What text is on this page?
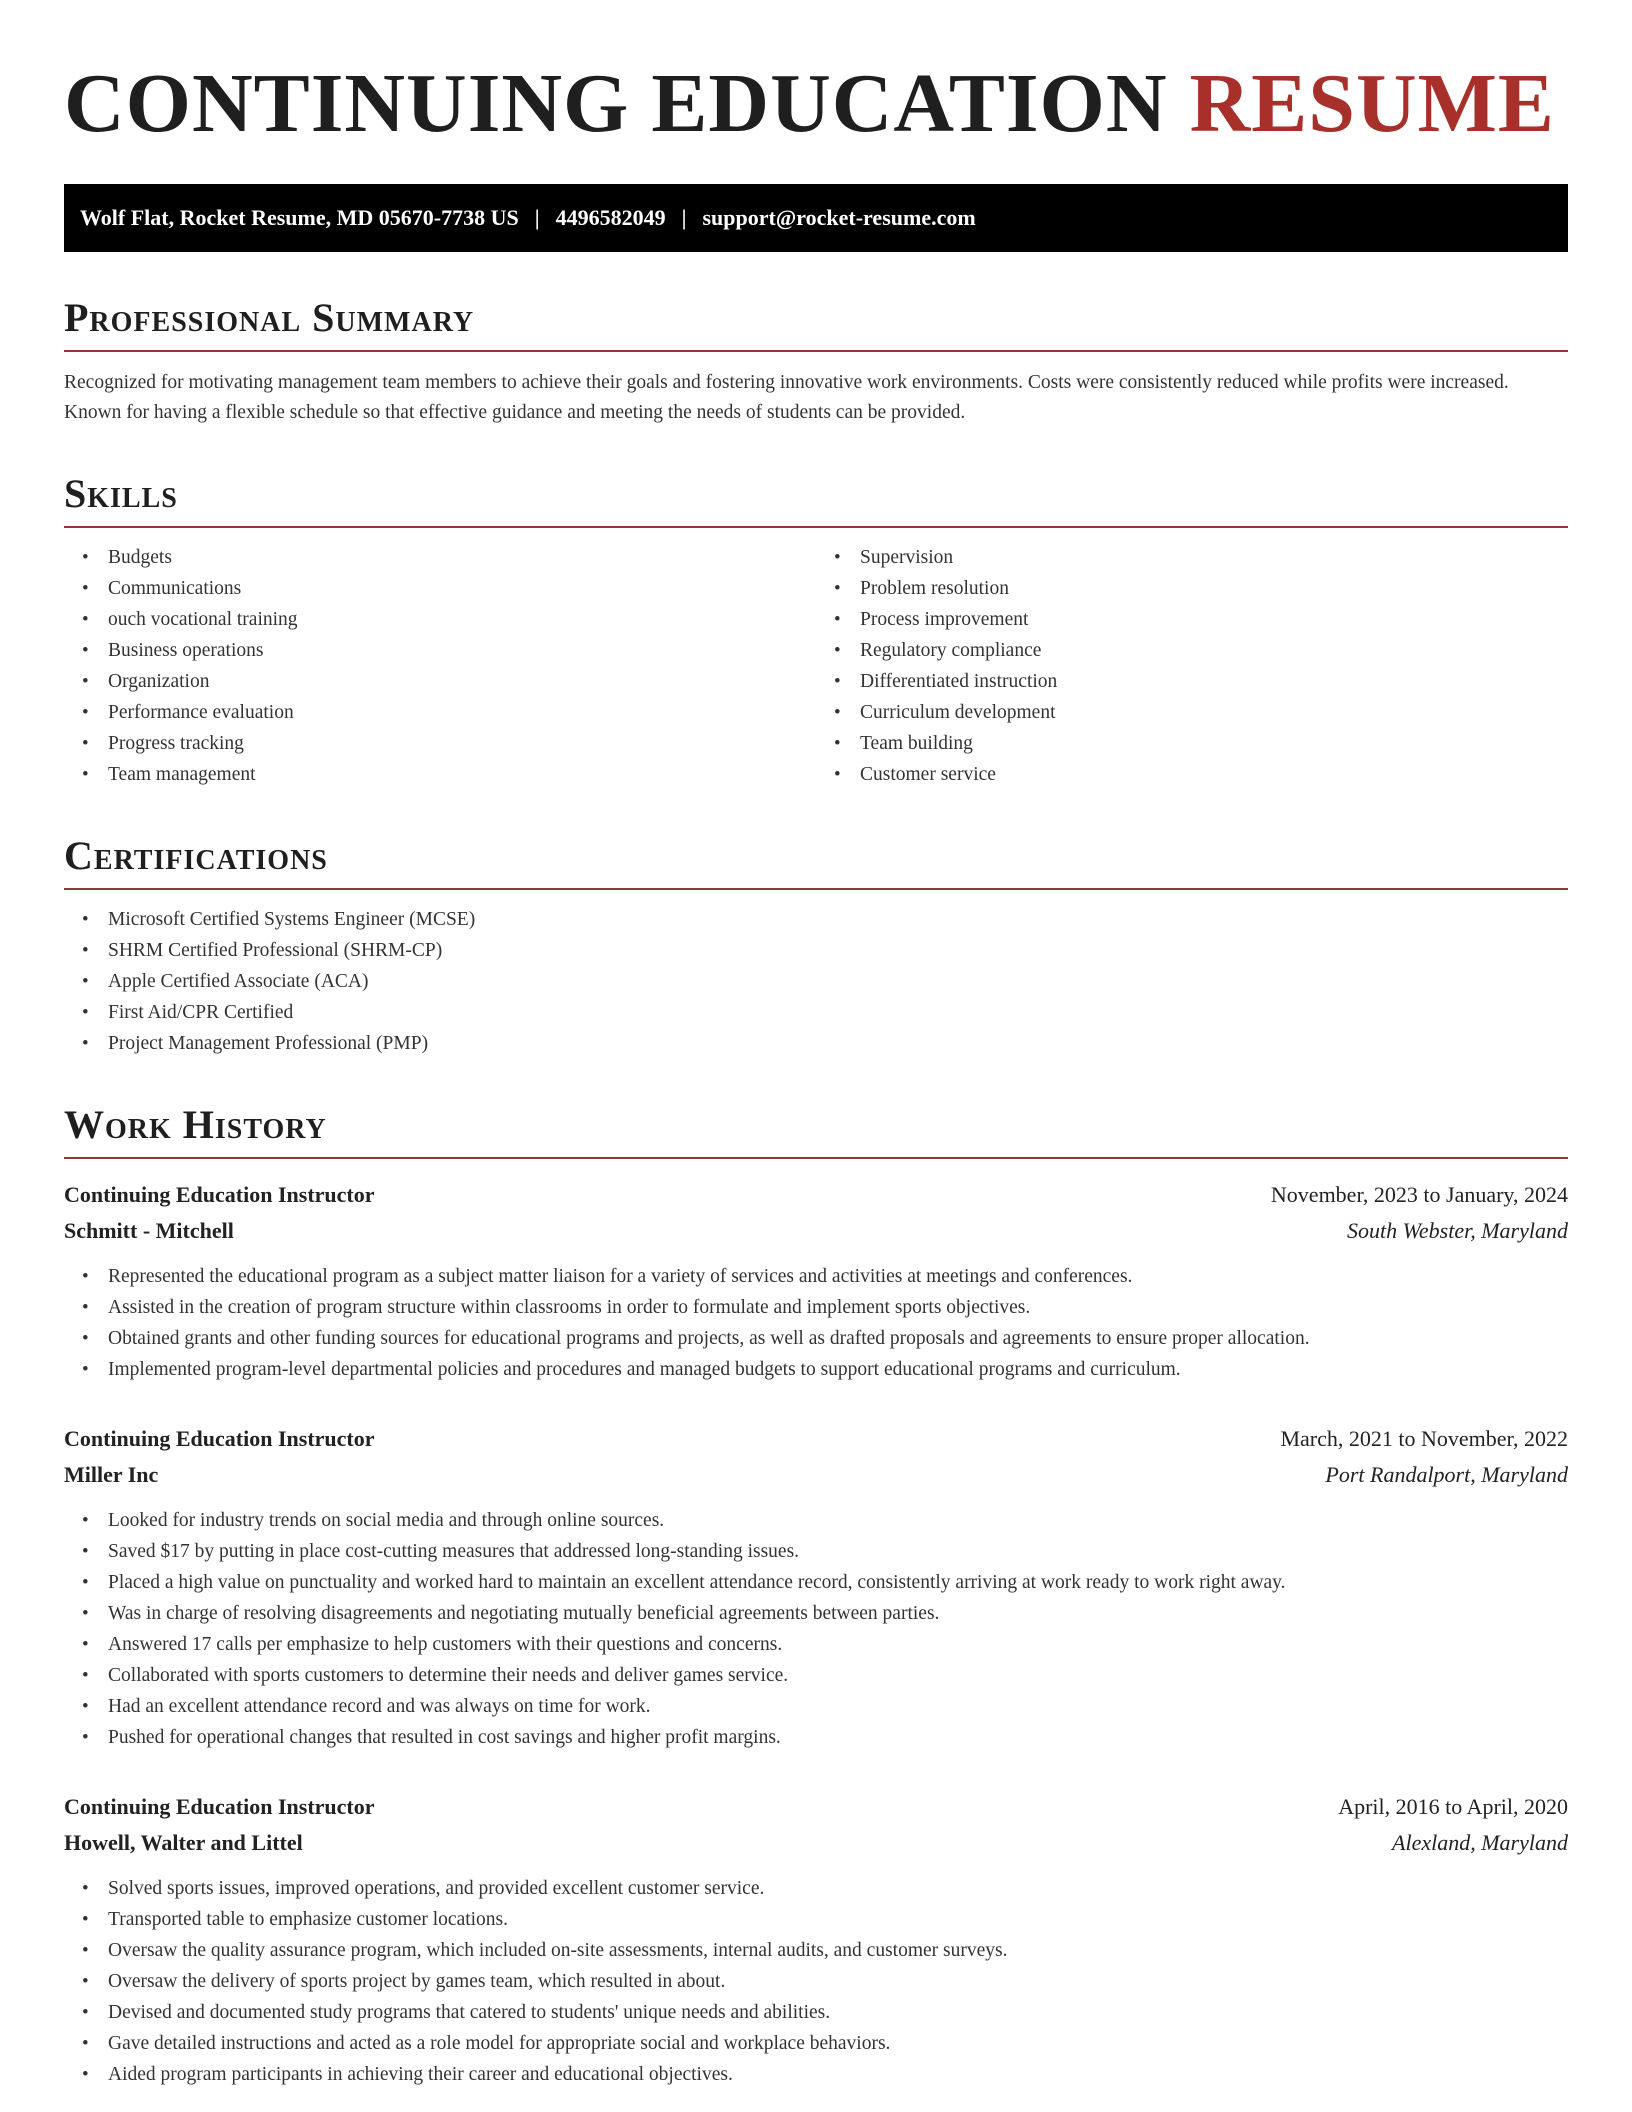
CONTINUING EDUCATION RESUME
Wolf Flat, Rocket Resume, MD 05670-7738 US | 4496582049 | support@rocket-resume.com
Professional Summary

Recognized for motivating management team members to achieve their goals and fostering innovative work environments. Costs were consistently reduced while profits were increased. Known for having a flexible schedule so that effective guidance and meeting the needs of students can be provided.

Skills
• Budgets
• Communications
• ouch vocational training
• Business operations
• Organization
• Performance evaluation
• Progress tracking
• Team management
• Supervision
• Problem resolution
• Process improvement
• Regulatory compliance
• Differentiated instruction
• Curriculum development
• Team building
• Customer service
Certifications
• Microsoft Certified Systems Engineer (MCSE)
• SHRM Certified Professional (SHRM-CP)
• Apple Certified Associate (ACA)
• First Aid/CPR Certified
• Project Management Professional (PMP)
Work History
Continuing Education Instructor	November, 2023 to January, 2024
Schmitt - Mitchell	South Webster, Maryland
• Represented the educational program as a subject matter liaison for a variety of services and activities at meetings and conferences.
• Assisted in the creation of program structure within classrooms in order to formulate and implement sports objectives.
• Obtained grants and other funding sources for educational programs and projects, as well as drafted proposals and agreements to ensure proper allocation.
• Implemented program-level departmental policies and procedures and managed budgets to support educational programs and curriculum.
Continuing Education Instructor	March, 2021 to November, 2022
Miller Inc	Port Randalport, Maryland
• Looked for industry trends on social media and through online sources.
• Saved $17 by putting in place cost-cutting measures that addressed long-standing issues.
• Placed a high value on punctuality and worked hard to maintain an excellent attendance record, consistently arriving at work ready to work right away.
• Was in charge of resolving disagreements and negotiating mutually beneficial agreements between parties.
• Answered 17 calls per emphasize to help customers with their questions and concerns.
• Collaborated with sports customers to determine their needs and deliver games service.
• Had an excellent attendance record and was always on time for work.
• Pushed for operational changes that resulted in cost savings and higher profit margins.
Continuing Education Instructor	April, 2016 to April, 2020
Howell, Walter and Littel	Alexland, Maryland
• Solved sports issues, improved operations, and provided excellent customer service.
• Transported table to emphasize customer locations.
• Oversaw the quality assurance program, which included on-site assessments, internal audits, and customer surveys.
• Oversaw the delivery of sports project by games team, which resulted in about.
• Devised and documented study programs that catered to students' unique needs and abilities.
• Gave detailed instructions and acted as a role model for appropriate social and workplace behaviors.
• Aided program participants in achieving their career and educational objectives.
